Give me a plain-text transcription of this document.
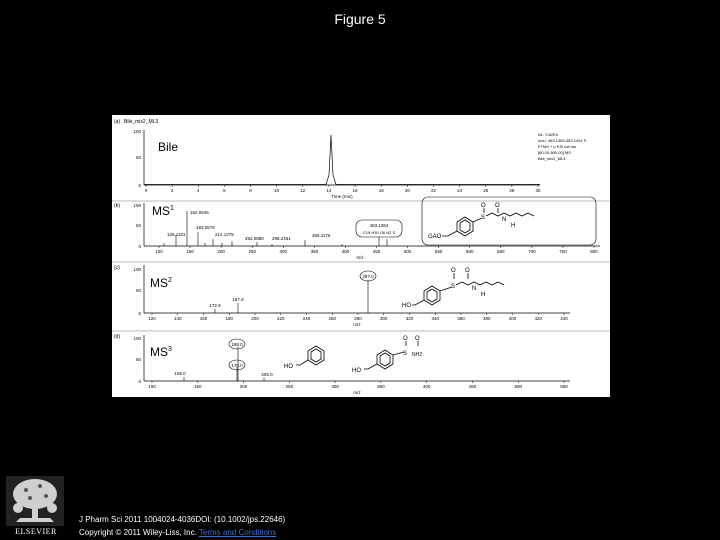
Figure 5
(a) Bile_mix2_ML3
Bile
NL: 9.82E4
m/z= 463.1359-463.1404 F:
FTMS + p ESI full ms
[80.00-800.00] MS
Bile_mix2_ML3
0
50
100
0	2	4	6	8	10	12	14	16	18	20	22	24	26	28	30
Time (min)
(b)	$MS^1$
0
50
100
100	150	200	250	300	350	400	450	500	550	600	650	700	750	800
m/z
162.0545
183.0578
212.1275
126.1181
252.0880 298.2461
366.1176
463.1364
C19 H30 O6 N2 S
GAO
O
S
O
N
H
(c)
$MS^2$
0
50
100
120	140	160	180	200	220	240	260	280	300	320	340	360	380	400	420	440
m/z
287.0
187.9
172.9	HO
O
S
O
N
H
(d)
$MS^3$
0
50
100
100	150	200	250	300	350	400	450	500	550
m/z
188.0
170.0
106.0	205.0
HO
HO
O
S
O
NH2
J Pharm Sci 2011 1004024-4036DOI: (10.1002/jps.22646)
Copyright © 2011 Wiley-Liss, Inc. Terms and Conditions
ELSEVIER
